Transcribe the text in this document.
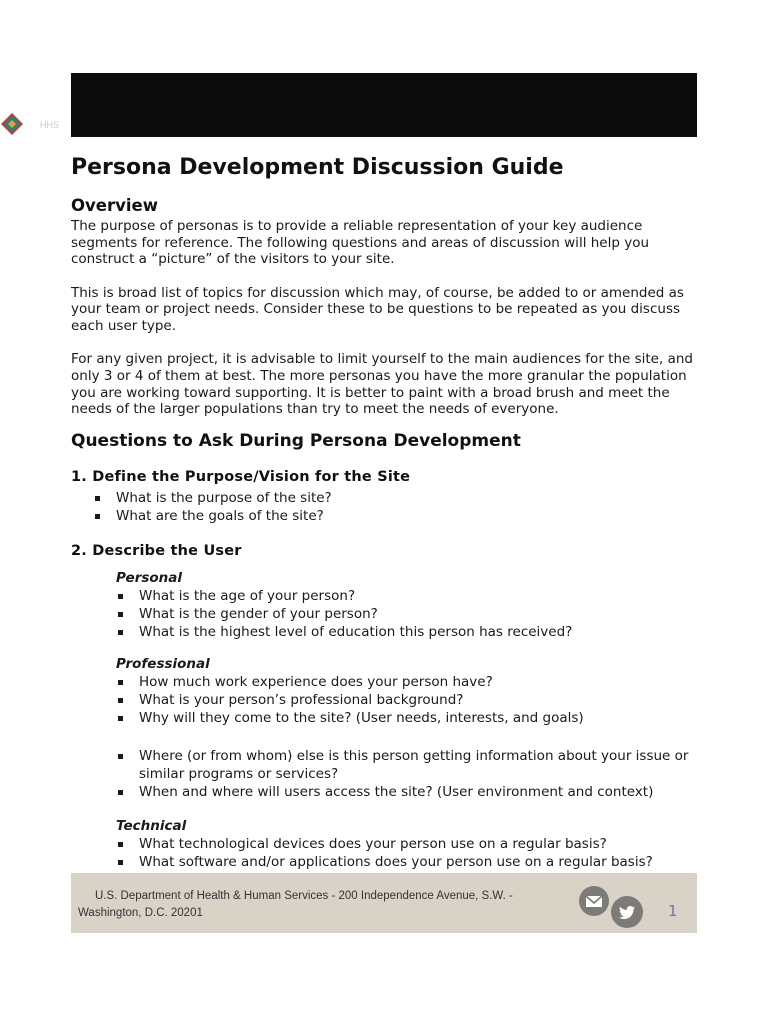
HHS
Persona Development Discussion Guide
Overview

The purpose of personas is to provide a reliable representation of your key audience segments for reference. The following questions and areas of discussion will help you construct a “picture” of the visitors to your site.

This is broad list of topics for discussion which may, of course, be added to or amended as your team or project needs. Consider these to be questions to be repeated as you discuss each user type.

For any given project, it is advisable to limit yourself to the main audiences for the site, and only 3 or 4 of them at best. The more personas you have the more granular the population you are working toward supporting. It is better to paint with a broad brush and meet the needs of the larger populations than try to meet the needs of everyone.

Questions to Ask During Persona Development
1. Define the Purpose/Vision for the Site
What is the purpose of the site?
What are the goals of the site?
2. Describe the User
Personal
What is the age of your person?
What is the gender of your person?
What is the highest level of education this person has received?
Professional
How much work experience does your person have?
What is your person’s professional background?
Why will they come to the site? (User needs, interests, and goals)
Where (or from whom) else is this person getting information about your issue or similar programs or services?
When and where will users access the site? (User environment and context)
Technical
What technological devices does your person use on a regular basis?
What software and/or applications does your person use on a regular basis?
U.S. Department of Health & Human Services - 200 Independence Avenue, S.W. - Washington, D.C. 20201	1
